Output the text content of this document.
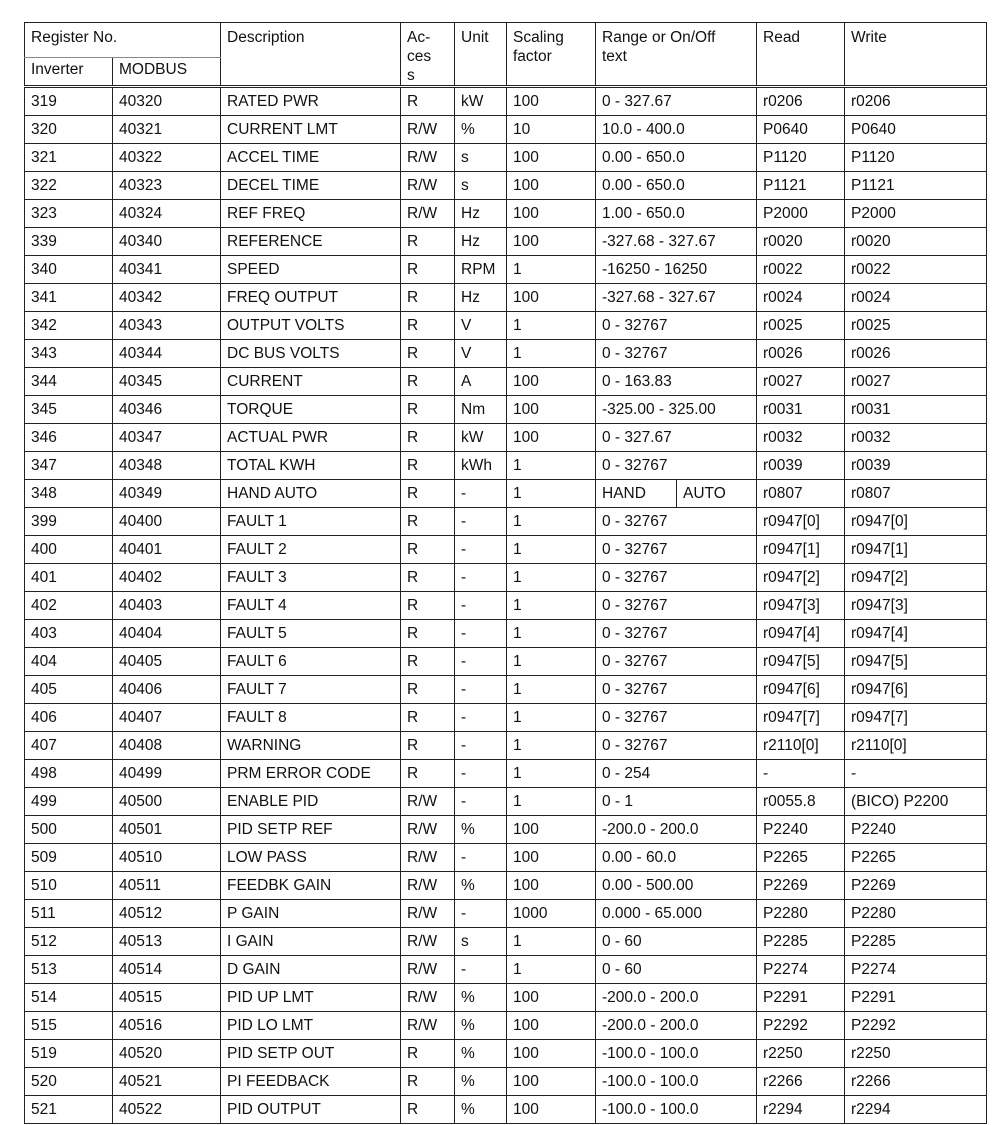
Register No.		Description	Ac-cess	Unit	Scaling factor	Range or On/Off text	Read	Write
Inverter	MODBUS							
319	40320	RATED PWR	R	kW	100	0 - 327.67	r0206	r0206
320	40321	CURRENT LMT	R/W	%	10	10.0 - 400.0	P0640	P0640
321	40322	ACCEL TIME	R/W	s	100	0.00 - 650.0	P1120	P1120
322	40323	DECEL TIME	R/W	s	100	0.00 - 650.0	P1121	P1121
323	40324	REF FREQ	R/W	Hz	100	1.00 - 650.0	P2000	P2000
339	40340	REFERENCE	R	Hz	100	-327.68 - 327.67	r0020	r0020
340	40341	SPEED	R	RPM	1	-16250 - 16250	r0022	r0022
341	40342	FREQ OUTPUT	R	Hz	100	-327.68 - 327.67	r0024	r0024
342	40343	OUTPUT VOLTS	R	V	1	0 - 32767	r0025	r0025
343	40344	DC BUS VOLTS	R	V	1	0 - 32767	r0026	r0026
344	40345	CURRENT	R	A	100	0 - 163.83	r0027	r0027
345	40346	TORQUE	R	Nm	100	-325.00 - 325.00	r0031	r0031
346	40347	ACTUAL PWR	R	kW	100	0 - 327.67	r0032	r0032
347	40348	TOTAL KWH	R	kWh	1	0 - 32767	r0039	r0039
348	40349	HAND AUTO	R	-	1	HAND AUTO	r0807	r0807
399	40400	FAULT 1	R	-	1	0 - 32767	r0947[0]	r0947[0]
400	40401	FAULT 2	R	-	1	0 - 32767	r0947[1]	r0947[1]
401	40402	FAULT 3	R	-	1	0 - 32767	r0947[2]	r0947[2]
402	40403	FAULT 4	R	-	1	0 - 32767	r0947[3]	r0947[3]
403	40404	FAULT 5	R	-	1	0 - 32767	r0947[4]	r0947[4]
404	40405	FAULT 6	R	-	1	0 - 32767	r0947[5]	r0947[5]
405	40406	FAULT 7	R	-	1	0 - 32767	r0947[6]	r0947[6]
406	40407	FAULT 8	R	-	1	0 - 32767	r0947[7]	r0947[7]
407	40408	WARNING	R	-	1	0 - 32767	r2110[0]	r2110[0]
498	40499	PRM ERROR CODE	R	-	1	0 - 254	-	-
499	40500	ENABLE PID	R/W	-	1	0 - 1	r0055.8	(BICO) P2200
500	40501	PID SETP REF	R/W	%	100	-200.0 - 200.0	P2240	P2240
509	40510	LOW PASS	R/W	-	100	0.00 - 60.0	P2265	P2265
510	40511	FEEDBK GAIN	R/W	%	100	0.00 - 500.00	P2269	P2269
511	40512	P GAIN	R/W	-	1000	0.000 - 65.000	P2280	P2280
512	40513	I GAIN	R/W	s	1	0 - 60	P2285	P2285
513	40514	D GAIN	R/W	-	1	0 - 60	P2274	P2274
514	40515	PID UP LMT	R/W	%	100	-200.0 - 200.0	P2291	P2291
515	40516	PID LO LMT	R/W	%	100	-200.0 - 200.0	P2292	P2292
519	40520	PID SETP OUT	R	%	100	-100.0 - 100.0	r2250	r2250
520	40521	PI FEEDBACK	R	%	100	-100.0 - 100.0	r2266	r2266
521	40522	PID OUTPUT	R	%	100	-100.0 - 100.0	r2294	r2294
